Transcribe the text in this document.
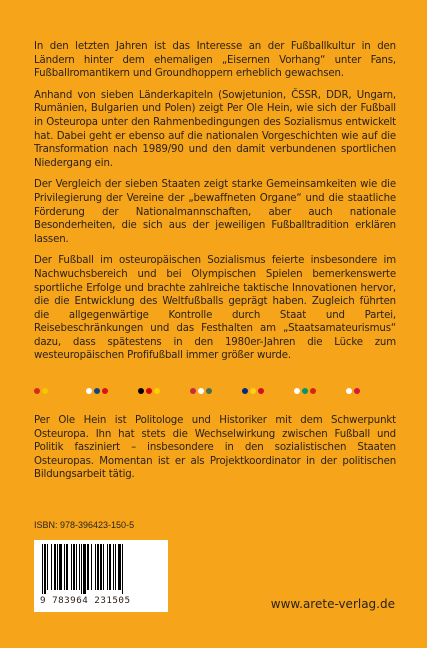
In den letzten Jahren ist das Interesse an der Fußballkultur in den Ländern hinter dem ehemaligen „Eisernen Vorhang“ unter Fans, Fußballromantikern und Groundhoppern erheblich gewachsen.

Anhand von sieben Länderkapiteln (Sowjetunion, ČSSR, DDR, Ungarn, Rumänien, Bulgarien und Polen) zeigt Per Ole Hein, wie sich der Fußball in Osteuropa unter den Rahmenbedingungen des Sozialismus entwickelt hat. Dabei geht er ebenso auf die nationalen Vorgeschichten wie auf die Transformation nach 1989/90 und den damit verbundenen sportlichen Niedergang ein.

Der Vergleich der sieben Staaten zeigt starke Gemeinsamkeiten wie die Privilegierung der Vereine der „bewaffneten Organe“ und die staatliche Förderung der Nationalmannschaften, aber auch nationale Besonderheiten, die sich aus der jeweiligen Fußballtradition erklären lassen.

Der Fußball im osteuropäischen Sozialismus feierte insbesondere im Nachwuchsbereich und bei Olympischen Spielen bemerkenswerte sportliche Erfolge und brachte zahlreiche taktische Innovationen hervor, die die Entwicklung des Weltfußballs geprägt haben. Zugleich führten die allgegenwärtige Kontrolle durch Staat und Partei, Reisebeschränkungen und das Festhalten am „Staatsamateurismus“ dazu, dass spätestens in den 1980er-Jahren die Lücke zum westeuropäischen Profifußball immer größer wurde.

Per Ole Hein ist Politologe und Historiker mit dem Schwerpunkt Osteuropa. Ihn hat stets die Wechselwirkung zwischen Fußball und Politik fasziniert – insbesondere in den sozialistischen Staaten Osteuropas. Momentan ist er als Projektkoordinator in der politischen Bildungsarbeit tätig.

ISBN: 978-396423-150-5
9 783964 231505	www.arete-verlag.de
